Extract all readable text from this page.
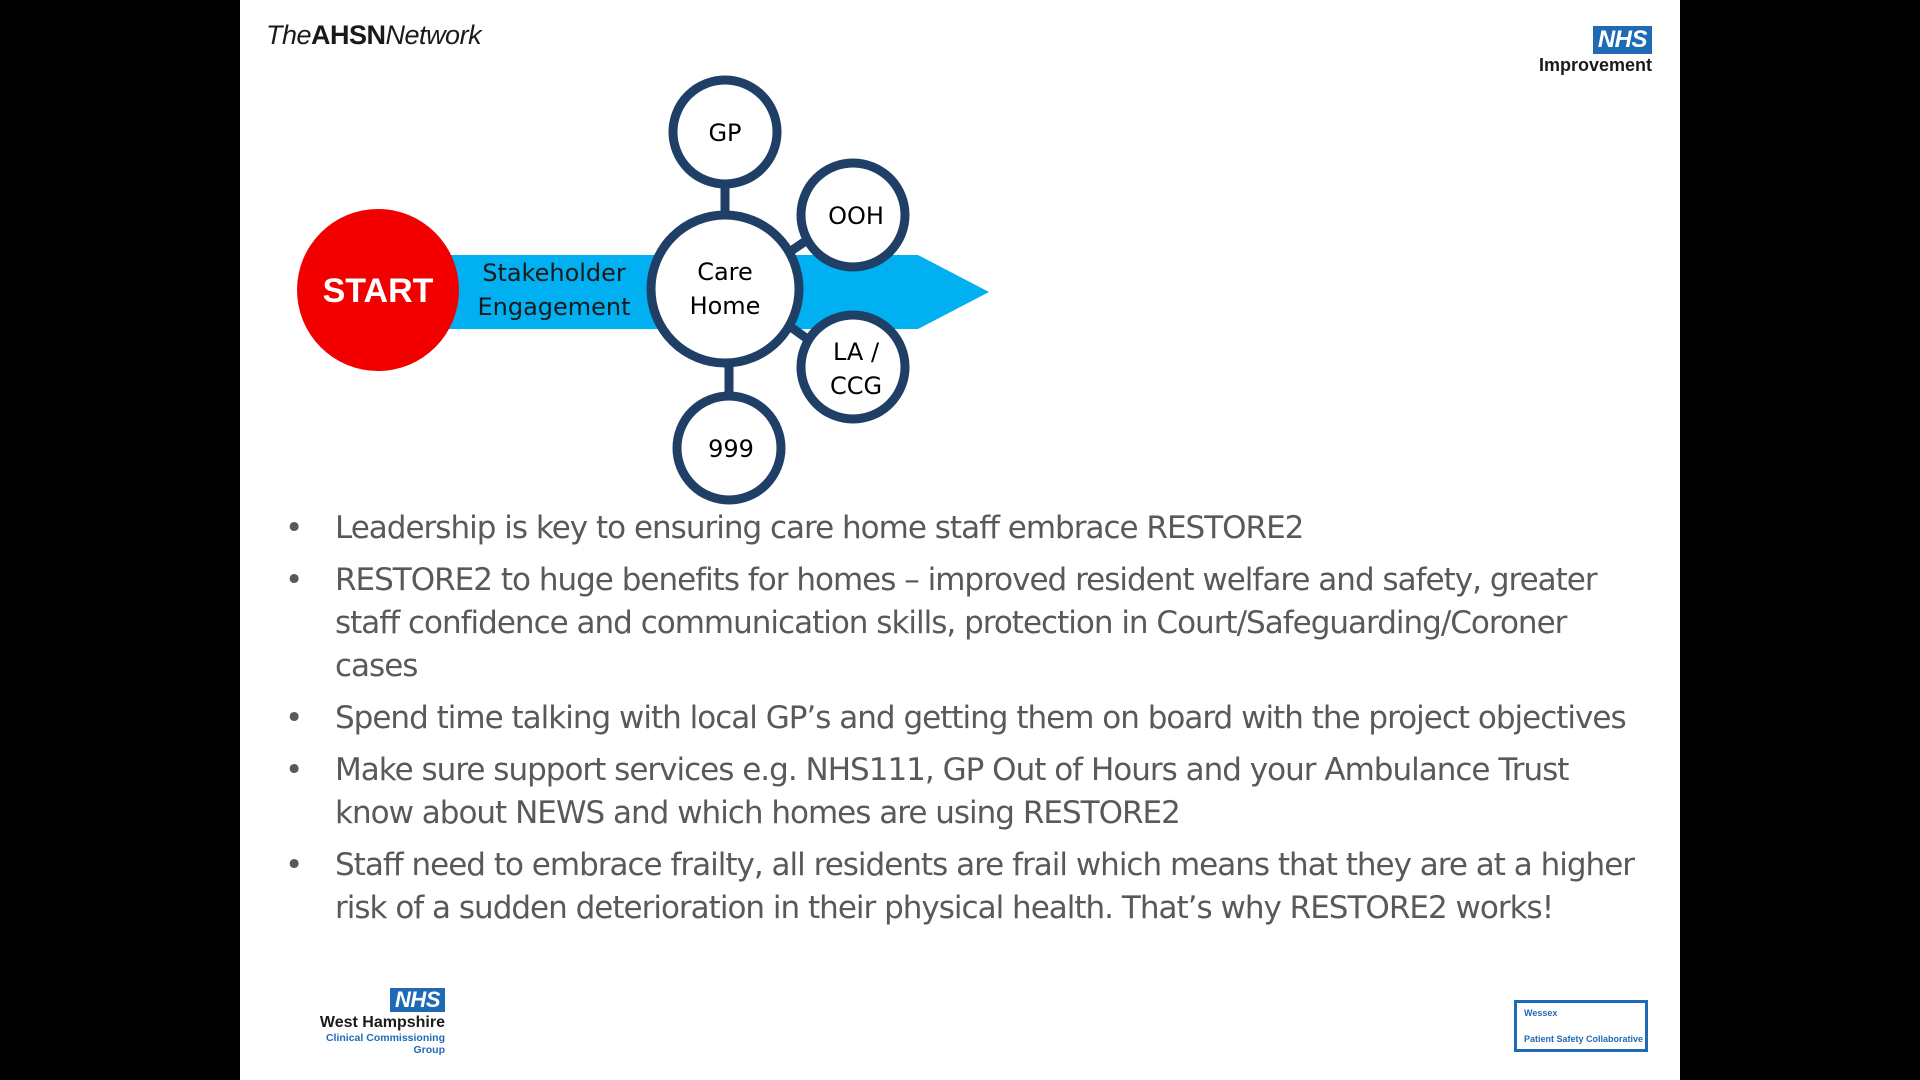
TheAHSNNetwork	NHS
Improvement
START Stakeholder
Engagement
Care
Home
GP
OOH
LA /
CCG
999
• Leadership is key to ensuring care home staff embrace RESTORE2
• RESTORE2 to huge benefits for homes – improved resident welfare and safety, greater
staff confidence and communication skills, protection in Court/Safeguarding/Coroner
cases
• Spend time talking with local GP’s and getting them on board with the project objectives
• Make sure support services e.g. NHS111, GP Out of Hours and your Ambulance Trust
know about NEWS and which homes are using RESTORE2
• Staff need to embrace frailty, all residents are frail which means that they are at a higher
risk of a sudden deterioration in their physical health. That’s why RESTORE2 works!
NHS
West Hampshire
Clinical Commissioning Group
Wessex
Patient Safety Collaborative
